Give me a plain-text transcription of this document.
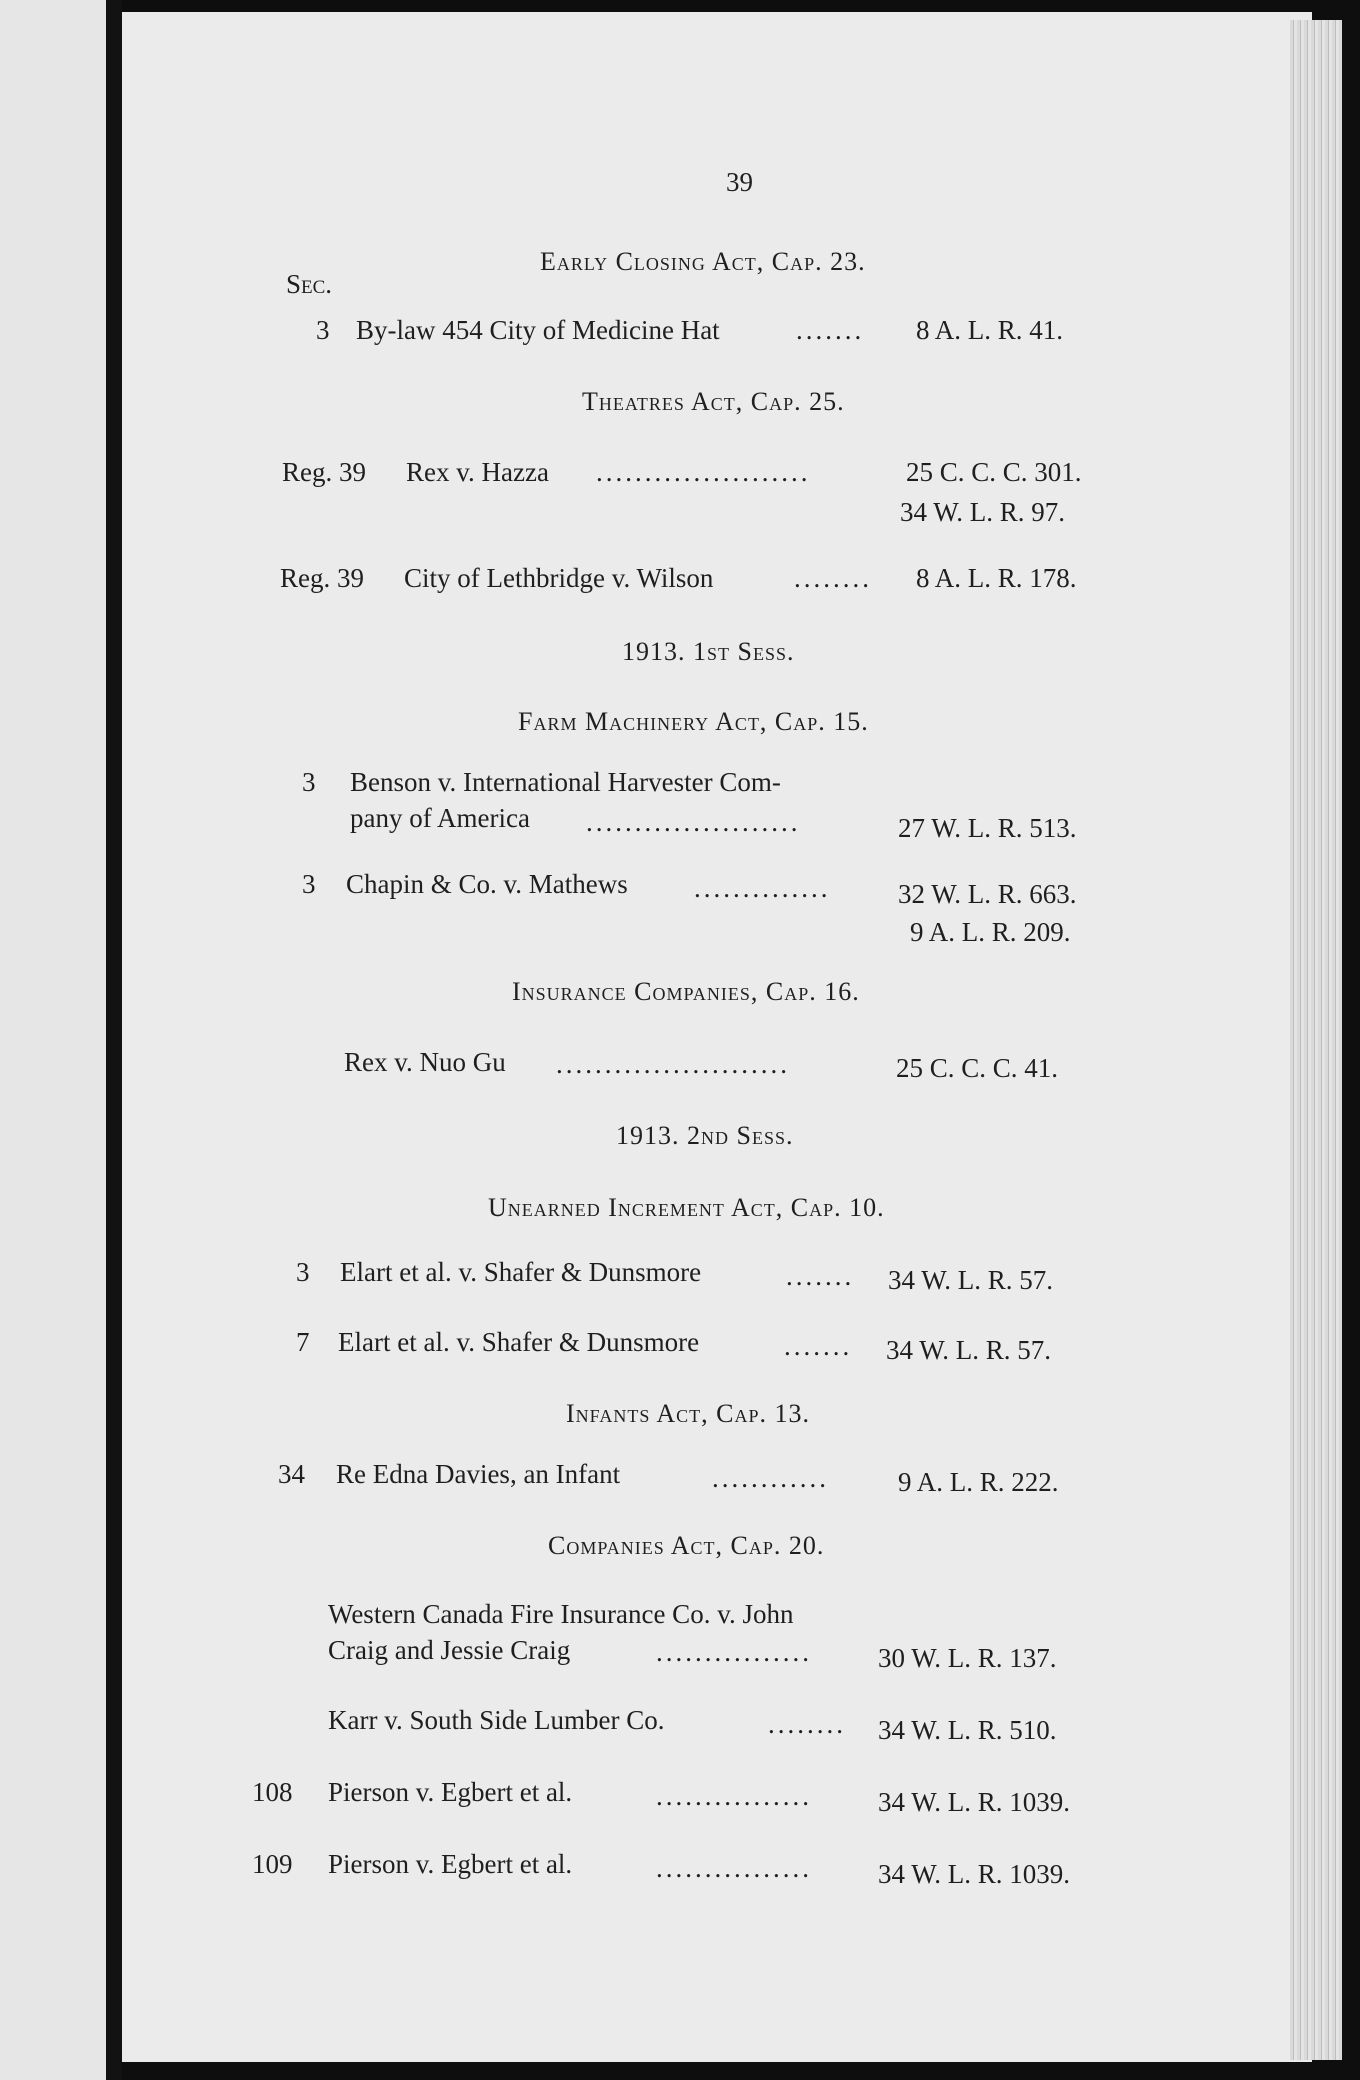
39
Early Closing Act, Cap. 23.
Sec.
3 By-law 454 City of Medicine Hat	....... 8 A. L. R. 41.
Theatres Act, Cap. 25.
Reg. 39 Rex v. Hazza ......................	25 C. C. C. 301.
34 W. L. R. 97.
Reg. 39 City of Lethbridge v. Wilson	........ 8 A. L. R. 178.
1913. 1st Sess.
Farm Machinery Act, Cap. 15.
3 Benson v. International Harvester Com-
pany of America ......................	27 W. L. R. 513.
3 Chapin & Co. v. Mathews ..............	32 W. L. R. 663.
9 A. L. R. 209.
Insurance Companies, Cap. 16.
Rex v. Nuo Gu ........................	25 C. C. C. 41.
1913. 2nd Sess.
Unearned Increment Act, Cap. 10.
3 Elart et al. v. Shafer & Dunsmore	....... 34 W. L. R. 57.
7 Elart et al. v. Shafer & Dunsmore	....... 34 W. L. R. 57.
Infants Act, Cap. 13.
34 Re Edna Davies, an Infant	............	9 A. L. R. 222.
Companies Act, Cap. 20.
Western Canada Fire Insurance Co. v. John
Craig and Jessie Craig	................ 30 W. L. R. 137.
Karr v. South Side Lumber Co.	........ 34 W. L. R. 510.
108 Pierson v. Egbert et al.	................ 34 W. L. R. 1039.
109 Pierson v. Egbert et al.	................ 34 W. L. R. 1039.
